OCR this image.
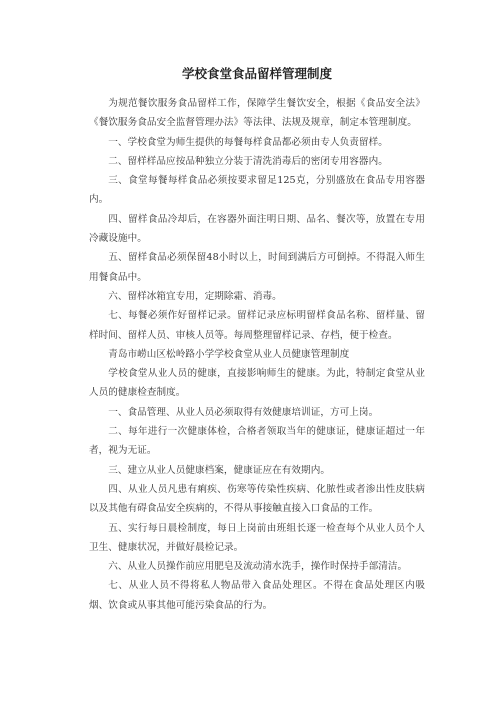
学校食堂食品留样管理制度

为规范餐饮服务食品留样工作，保障学生餐饮安全，根据《食品安全法》《餐饮服务食品安全监督管理办法》等法律、法规及规章，制定本管理制度。

一、学校食堂为师生提供的每餐每样食品都必须由专人负责留样。

二、留样样品应按品种独立分装于清洗消毒后的密闭专用容器内。

三、食堂每餐每样食品必须按要求留足125克，分别盛放在食品专用容器内。

四、留样食品冷却后，在容器外面注明日期、品名、餐次等，放置在专用冷藏设施中。

五、留样食品必须保留48小时以上，时间到满后方可倒掉。不得混入师生用餐食品中。

六、留样冰箱宜专用，定期除霜、消毒。

七、每餐必须作好留样记录。留样记录应标明留样食品名称、留样量、留样时间、留样人员、审核人员等。每周整理留样记录、存档，便于检查。

青岛市崂山区松岭路小学学校食堂从业人员健康管理制度

学校食堂从业人员的健康，直接影响师生的健康。为此，特制定食堂从业人员的健康检查制度。

一、食品管理、从业人员必须取得有效健康培训证，方可上岗。

二、每年进行一次健康体检，合格者领取当年的健康证，健康证超过一年者，视为无证。

三、建立从业人员健康档案，健康证应在有效期内。

四、从业人员凡患有痢疾、伤寒等传染性疾病、化脓性或者渗出性皮肤病以及其他有碍食品安全疾病的，不得从事接触直接入口食品的工作。

五、实行每日晨检制度，每日上岗前由班组长逐一检查每个从业人员个人卫生、健康状况，并做好晨检记录。

六、从业人员操作前应用肥皂及流动清水洗手，操作时保持手部清洁。

七、从业人员不得将私人物品带入食品处理区。不得在食品处理区内吸烟、饮食或从事其他可能污染食品的行为。
